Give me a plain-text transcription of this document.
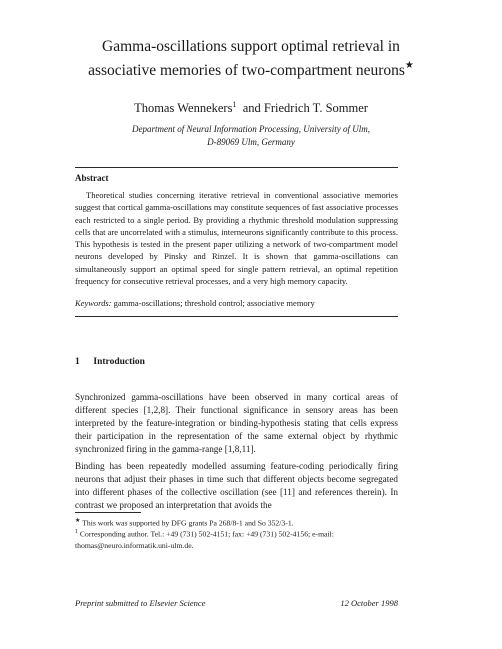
Gamma-oscillations support optimal retrieval in
associative memories of two-compartment neurons★
Thomas Wennekers$^1$ and Friedrich T. Sommer
Department of Neural Information Processing, University of Ulm,
D-89069 Ulm, Germany
Abstract
Theoretical studies concerning iterative retrieval in conventional associative memories suggest that cortical gamma-oscillations may constitute sequences of fast associative processes each restricted to a single period. By providing a rhythmic threshold modulation suppressing cells that are uncorrelated with a stimulus, interneurons significantly contribute to this process. This hypothesis is tested in the present paper utilizing a network of two-compartment model neurons developed by Pinsky and Rinzel. It is shown that gamma-oscillations can simultaneously support an optimal speed for single pattern retrieval, an optimal repetition frequency for consecutive retrieval processes, and a very high memory capacity.
Keywords: gamma-oscillations; threshold control; associative memory
1 Introduction
Synchronized gamma-oscillations have been observed in many cortical areas of different species [1,2,8]. Their functional significance in sensory areas has been interpreted by the feature-integration or binding-hypothesis stating that cells express their participation in the representation of the same external object by rhythmic synchronized firing in the gamma-range [1,8,11].
Binding has been repeatedly modelled assuming feature-coding periodically firing neurons that adjust their phases in time such that different objects become segregated into different phases of the collective oscillation (see [11] and references therein). In contrast we proposed an interpretation that avoids the
★ This work was supported by DFG grants Pa 268/8-1 and So 352/3-1.
$^1$ Corresponding author. Tel.: +49 (731) 502-4151; fax: +49 (731) 502-4156; e-mail: thomas@neuro.informatik.uni-ulm.de.
Preprint submitted to Elsevier Science	12 October 1998
